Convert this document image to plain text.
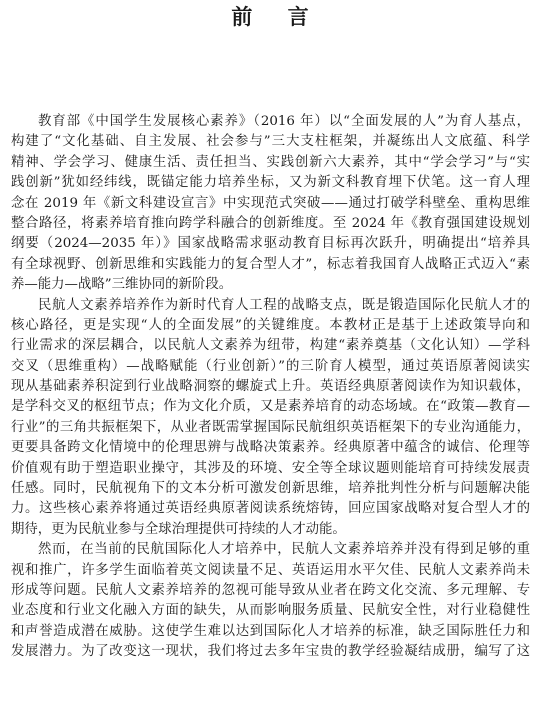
前 言
教育部《中国学生发展核心素养》（2016 年）以“全面发展的人”为育人基点，
构建了“文化基础、自主发展、社会参与”三大支柱框架，并凝练出人文底蕴、科学
精神、学会学习、健康生活、责任担当、实践创新六大素养，其中“学会学习”与“实
践创新”犹如经纬线，既锚定能力培养坐标，又为新文科教育埋下伏笔。这一育人理
念在 2019 年《新文科建设宣言》中实现范式突破——通过打破学科壁垒、重构思维
整合路径，将素养培育推向跨学科融合的创新维度。至 2024 年《教育强国建设规划
纲要（2024—2035 年）》国家战略需求驱动教育目标再次跃升，明确提出“培养具
有全球视野、创新思维和实践能力的复合型人才”，标志着我国育人战略正式迈入“素
养—能力—战略”三维协同的新阶段。
民航人文素养培养作为新时代育人工程的战略支点，既是锻造国际化民航人才的
核心路径，更是实现“人的全面发展”的关键维度。本教材正是基于上述政策导向和
行业需求的深层耦合，以民航人文素养为纽带，构建“素养奠基（文化认知）—学科
交叉（思维重构）—战略赋能（行业创新）”的三阶育人模型，通过英语原著阅读实
现从基础素养积淀到行业战略洞察的螺旋式上升。英语经典原著阅读作为知识载体，
是学科交叉的枢纽节点；作为文化介质，又是素养培育的动态场域。在“政策—教育—
行业”的三角共振框架下，从业者既需掌握国际民航组织英语框架下的专业沟通能力，
更要具备跨文化情境中的伦理思辨与战略决策素养。经典原著中蕴含的诚信、伦理等
价值观有助于塑造职业操守，其涉及的环境、安全等全球议题则能培育可持续发展责
任感。同时，民航视角下的文本分析可激发创新思维，培养批判性分析与问题解决能
力。这些核心素养将通过英语经典原著阅读系统熔铸，回应国家战略对复合型人才的
期待，更为民航业参与全球治理提供可持续的人才动能。
然而，在当前的民航国际化人才培养中，民航人文素养培养并没有得到足够的重
视和推广，许多学生面临着英文阅读量不足、英语运用水平欠佳、民航人文素养尚未
形成等问题。民航人文素养培养的忽视可能导致从业者在跨文化交流、多元理解、专
业态度和行业文化融入方面的缺失，从而影响服务质量、民航安全性，对行业稳健性
和声誉造成潜在威胁。这使学生难以达到国际化人才培养的标准，缺乏国际胜任力和
发展潜力。为了改变这一现状，我们将过去多年宝贵的教学经验凝结成册，编写了这
